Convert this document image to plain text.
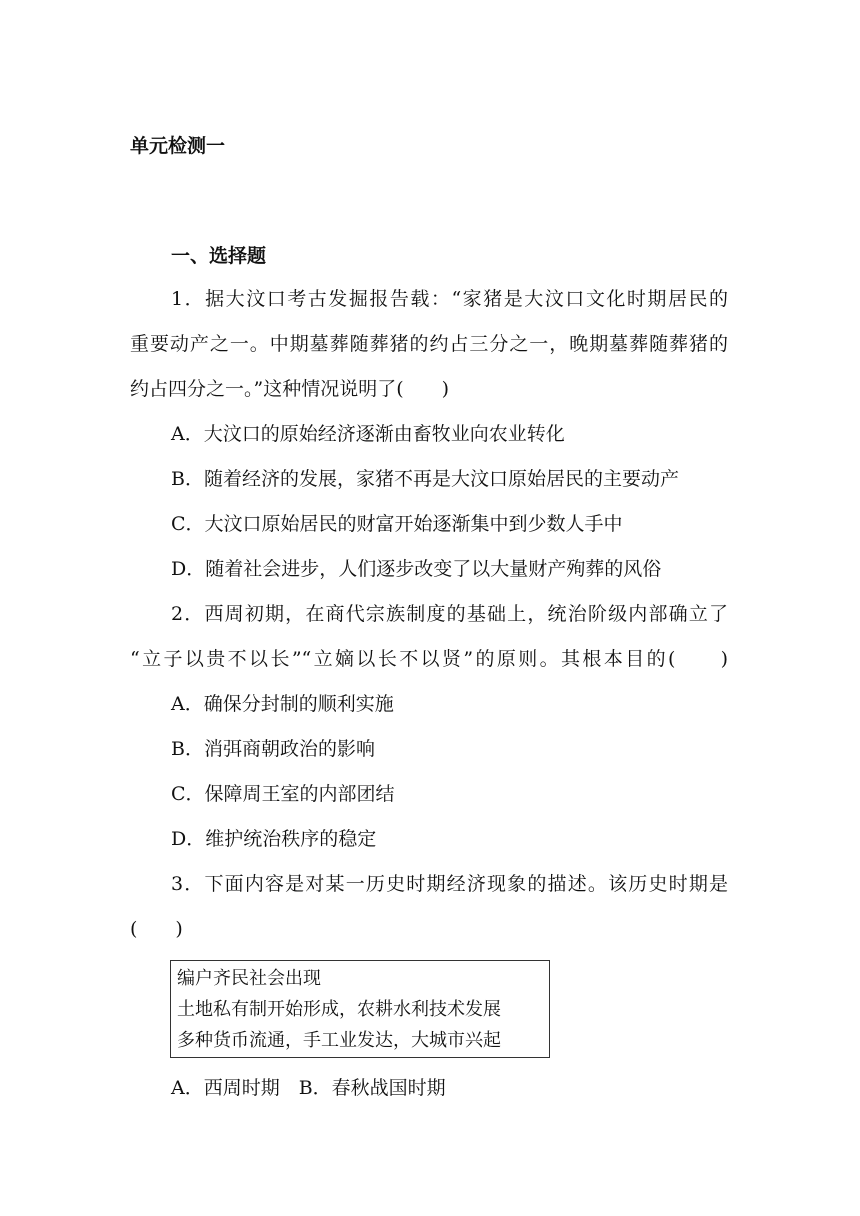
单元检测一
一、选择题
1．据大汶口考古发掘报告载：“家猪是大汶口文化时期居民的
重要动产之一。中期墓葬随葬猪的约占三分之一，晚期墓葬随葬猪的
约占四分之一。”这种情况说明了(　　)
A．大汶口的原始经济逐渐由畜牧业向农业转化
B．随着经济的发展，家猪不再是大汶口原始居民的主要动产
C．大汶口原始居民的财富开始逐渐集中到少数人手中
D．随着社会进步，人们逐步改变了以大量财产殉葬的风俗
2．西周初期，在商代宗族制度的基础上，统治阶级内部确立了
“立子以贵不以长”“立嫡以长不以贤”的原则。其根本目的(　　)
A．确保分封制的顺利实施
B．消弭商朝政治的影响
C．保障周王室的内部团结
D．维护统治秩序的稳定
3．下面内容是对某一历史时期经济现象的描述。该历史时期是
(　　)
编户齐民社会出现
土地私有制开始形成，农耕水利技术发展
多种货币流通，手工业发达，大城市兴起
A．西周时期　B．春秋战国时期
